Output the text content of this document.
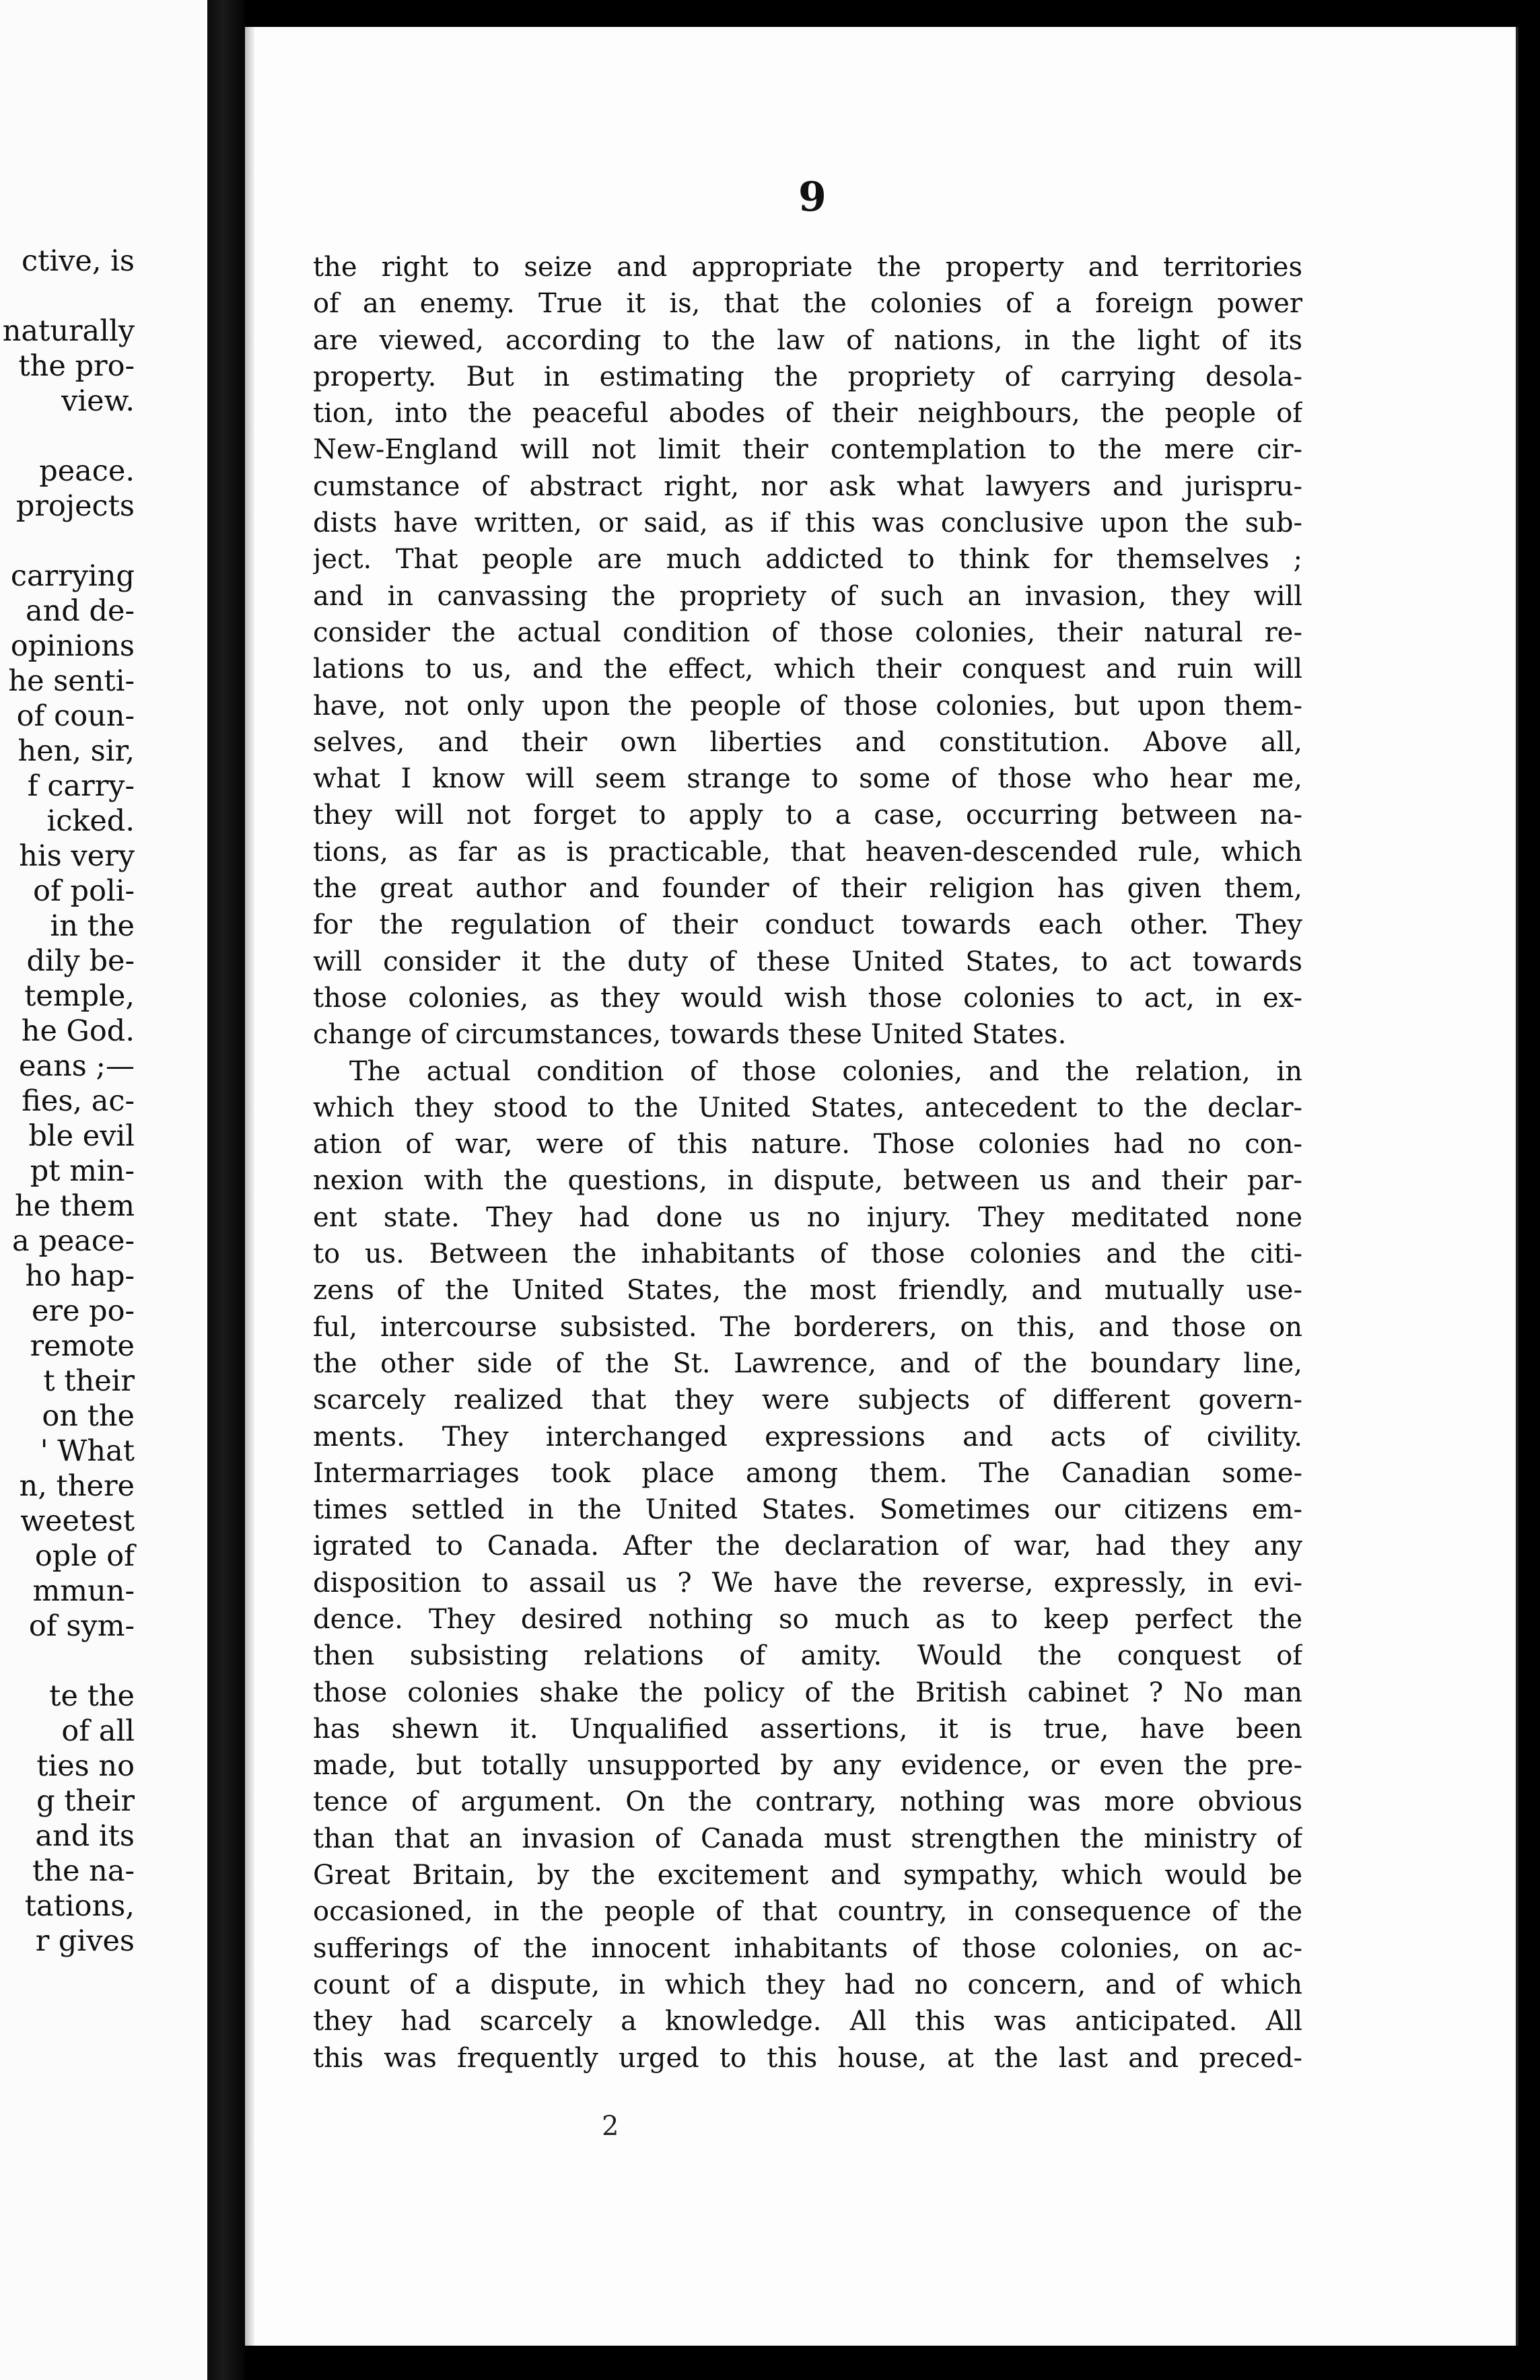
ctive, is
naturally
the pro-
view.
peace.
projects
carrying
and de-
opinions
he senti-
of coun-
hen, sir,
f carry-
icked.
his very
of poli-
in the
dily be-
temple,
he God.
eans ;—
fies, ac-
ble evil
pt min-
he them
a peace-
ho hap-
ere po-
remote
t their
on the
' What
n, there
weetest
ople of
mmun-
of sym-
te the
of all
ties no
g their
and its
the na-
tations,
r gives
9
the right to seize and appropriate the property and territories
of an enemy. True it is, that the colonies of a foreign power
are viewed, according to the law of nations, in the light of its
property. But in estimating the propriety of carrying desola-
tion, into the peaceful abodes of their neighbours, the people of
New-England will not limit their contemplation to the mere cir-
cumstance of abstract right, nor ask what lawyers and jurispru-
dists have written, or said, as if this was conclusive upon the sub-
ject. That people are much addicted to think for themselves ;
and in canvassing the propriety of such an invasion, they will
consider the actual condition of those colonies, their natural re-
lations to us, and the effect, which their conquest and ruin will
have, not only upon the people of those colonies, but upon them-
selves, and their own liberties and constitution. Above all,
what I know will seem strange to some of those who hear me,
they will not forget to apply to a case, occurring between na-
tions, as far as is practicable, that heaven-descended rule, which
the great author and founder of their religion has given them,
for the regulation of their conduct towards each other. They
will consider it the duty of these United States, to act towards
those colonies, as they would wish those colonies to act, in ex-
change of circumstances, towards these United States.
The actual condition of those colonies, and the relation, in
which they stood to the United States, antecedent to the declar-
ation of war, were of this nature. Those colonies had no con-
nexion with the questions, in dispute, between us and their par-
ent state. They had done us no injury. They meditated none
to us. Between the inhabitants of those colonies and the citi-
zens of the United States, the most friendly, and mutually use-
ful, intercourse subsisted. The borderers, on this, and those on
the other side of the St. Lawrence, and of the boundary line,
scarcely realized that they were subjects of different govern-
ments. They interchanged expressions and acts of civility.
Intermarriages took place among them. The Canadian some-
times settled in the United States. Sometimes our citizens em-
igrated to Canada. After the declaration of war, had they any
disposition to assail us ? We have the reverse, expressly, in evi-
dence. They desired nothing so much as to keep perfect the
then subsisting relations of amity. Would the conquest of
those colonies shake the policy of the British cabinet ? No man
has shewn it. Unqualified assertions, it is true, have been
made, but totally unsupported by any evidence, or even the pre-
tence of argument. On the contrary, nothing was more obvious
than that an invasion of Canada must strengthen the ministry of
Great Britain, by the excitement and sympathy, which would be
occasioned, in the people of that country, in consequence of the
sufferings of the innocent inhabitants of those colonies, on ac-
count of a dispute, in which they had no concern, and of which
they had scarcely a knowledge. All this was anticipated. All
this was frequently urged to this house, at the last and preced-
2
